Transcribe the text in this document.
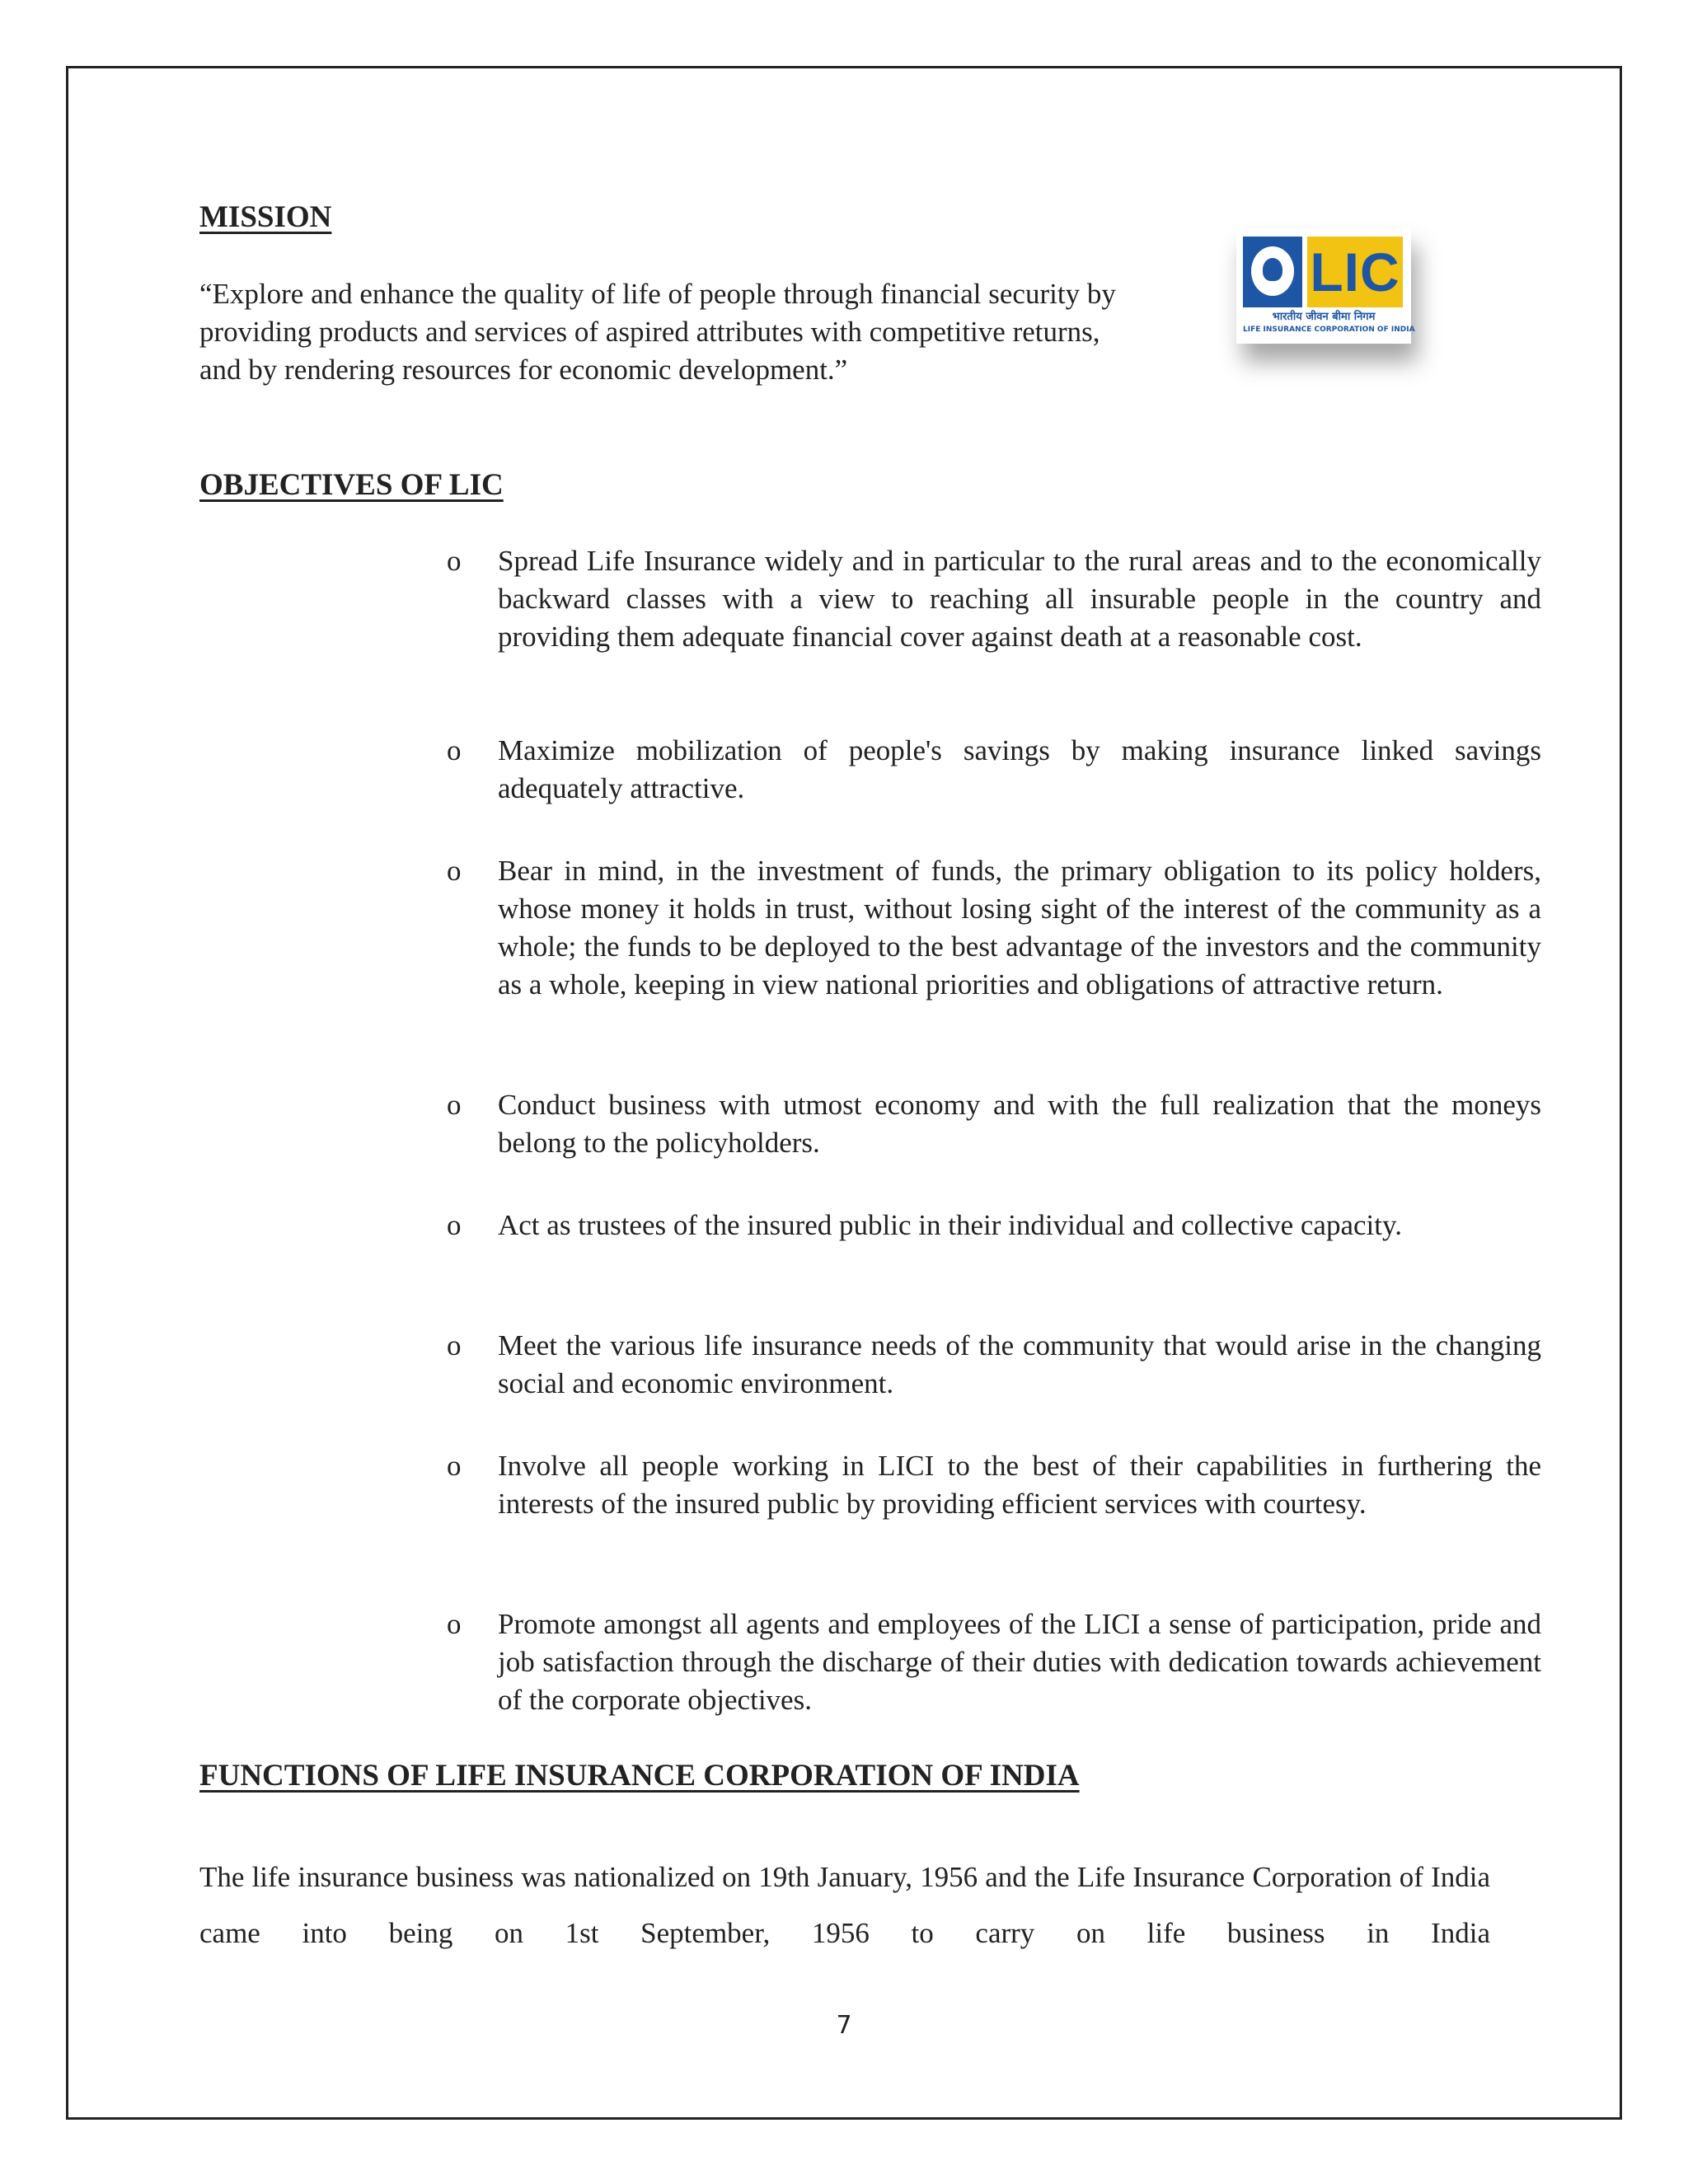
MISSION

“Explore and enhance the quality of life of people through financial security by providing products and services of aspired attributes with competitive returns, and by rendering resources for economic development.”

LIC
भारतीय जीवन बीमा निगम
LIFE INSURANCE CORPORATION OF INDIA
OBJECTIVES OF LIC
o Spread Life Insurance widely and in particular to the rural areas and to the economically backward classes with a view to reaching all insurable people in the country and providing them adequate financial cover against death at a reasonable cost.

o Maximize mobilization of people's savings by making insurance linked savings adequately attractive.

o Bear in mind, in the investment of funds, the primary obligation to its policy holders, whose money it holds in trust, without losing sight of the interest of the community as a whole; the funds to be deployed to the best advantage of the investors and the community as a whole, keeping in view national priorities and obligations of attractive return.

o Conduct business with utmost economy and with the full realization that the moneys belong to the policyholders.

o Act as trustees of the insured public in their individual and collective capacity.

o Meet the various life insurance needs of the community that would arise in the changing social and economic environment.

o Involve all people working in LICI to the best of their capabilities in furthering the interests of the insured public by providing efficient services with courtesy.

o Promote amongst all agents and employees of the LICI a sense of participation, pride and job satisfaction through the discharge of their duties with dedication towards achievement of the corporate objectives.

FUNCTIONS OF LIFE INSURANCE CORPORATION OF INDIA

The life insurance business was nationalized on 19th January, 1956 and the Life Insurance Corporation of India came into being on 1st September, 1956 to carry on life business in India

7
